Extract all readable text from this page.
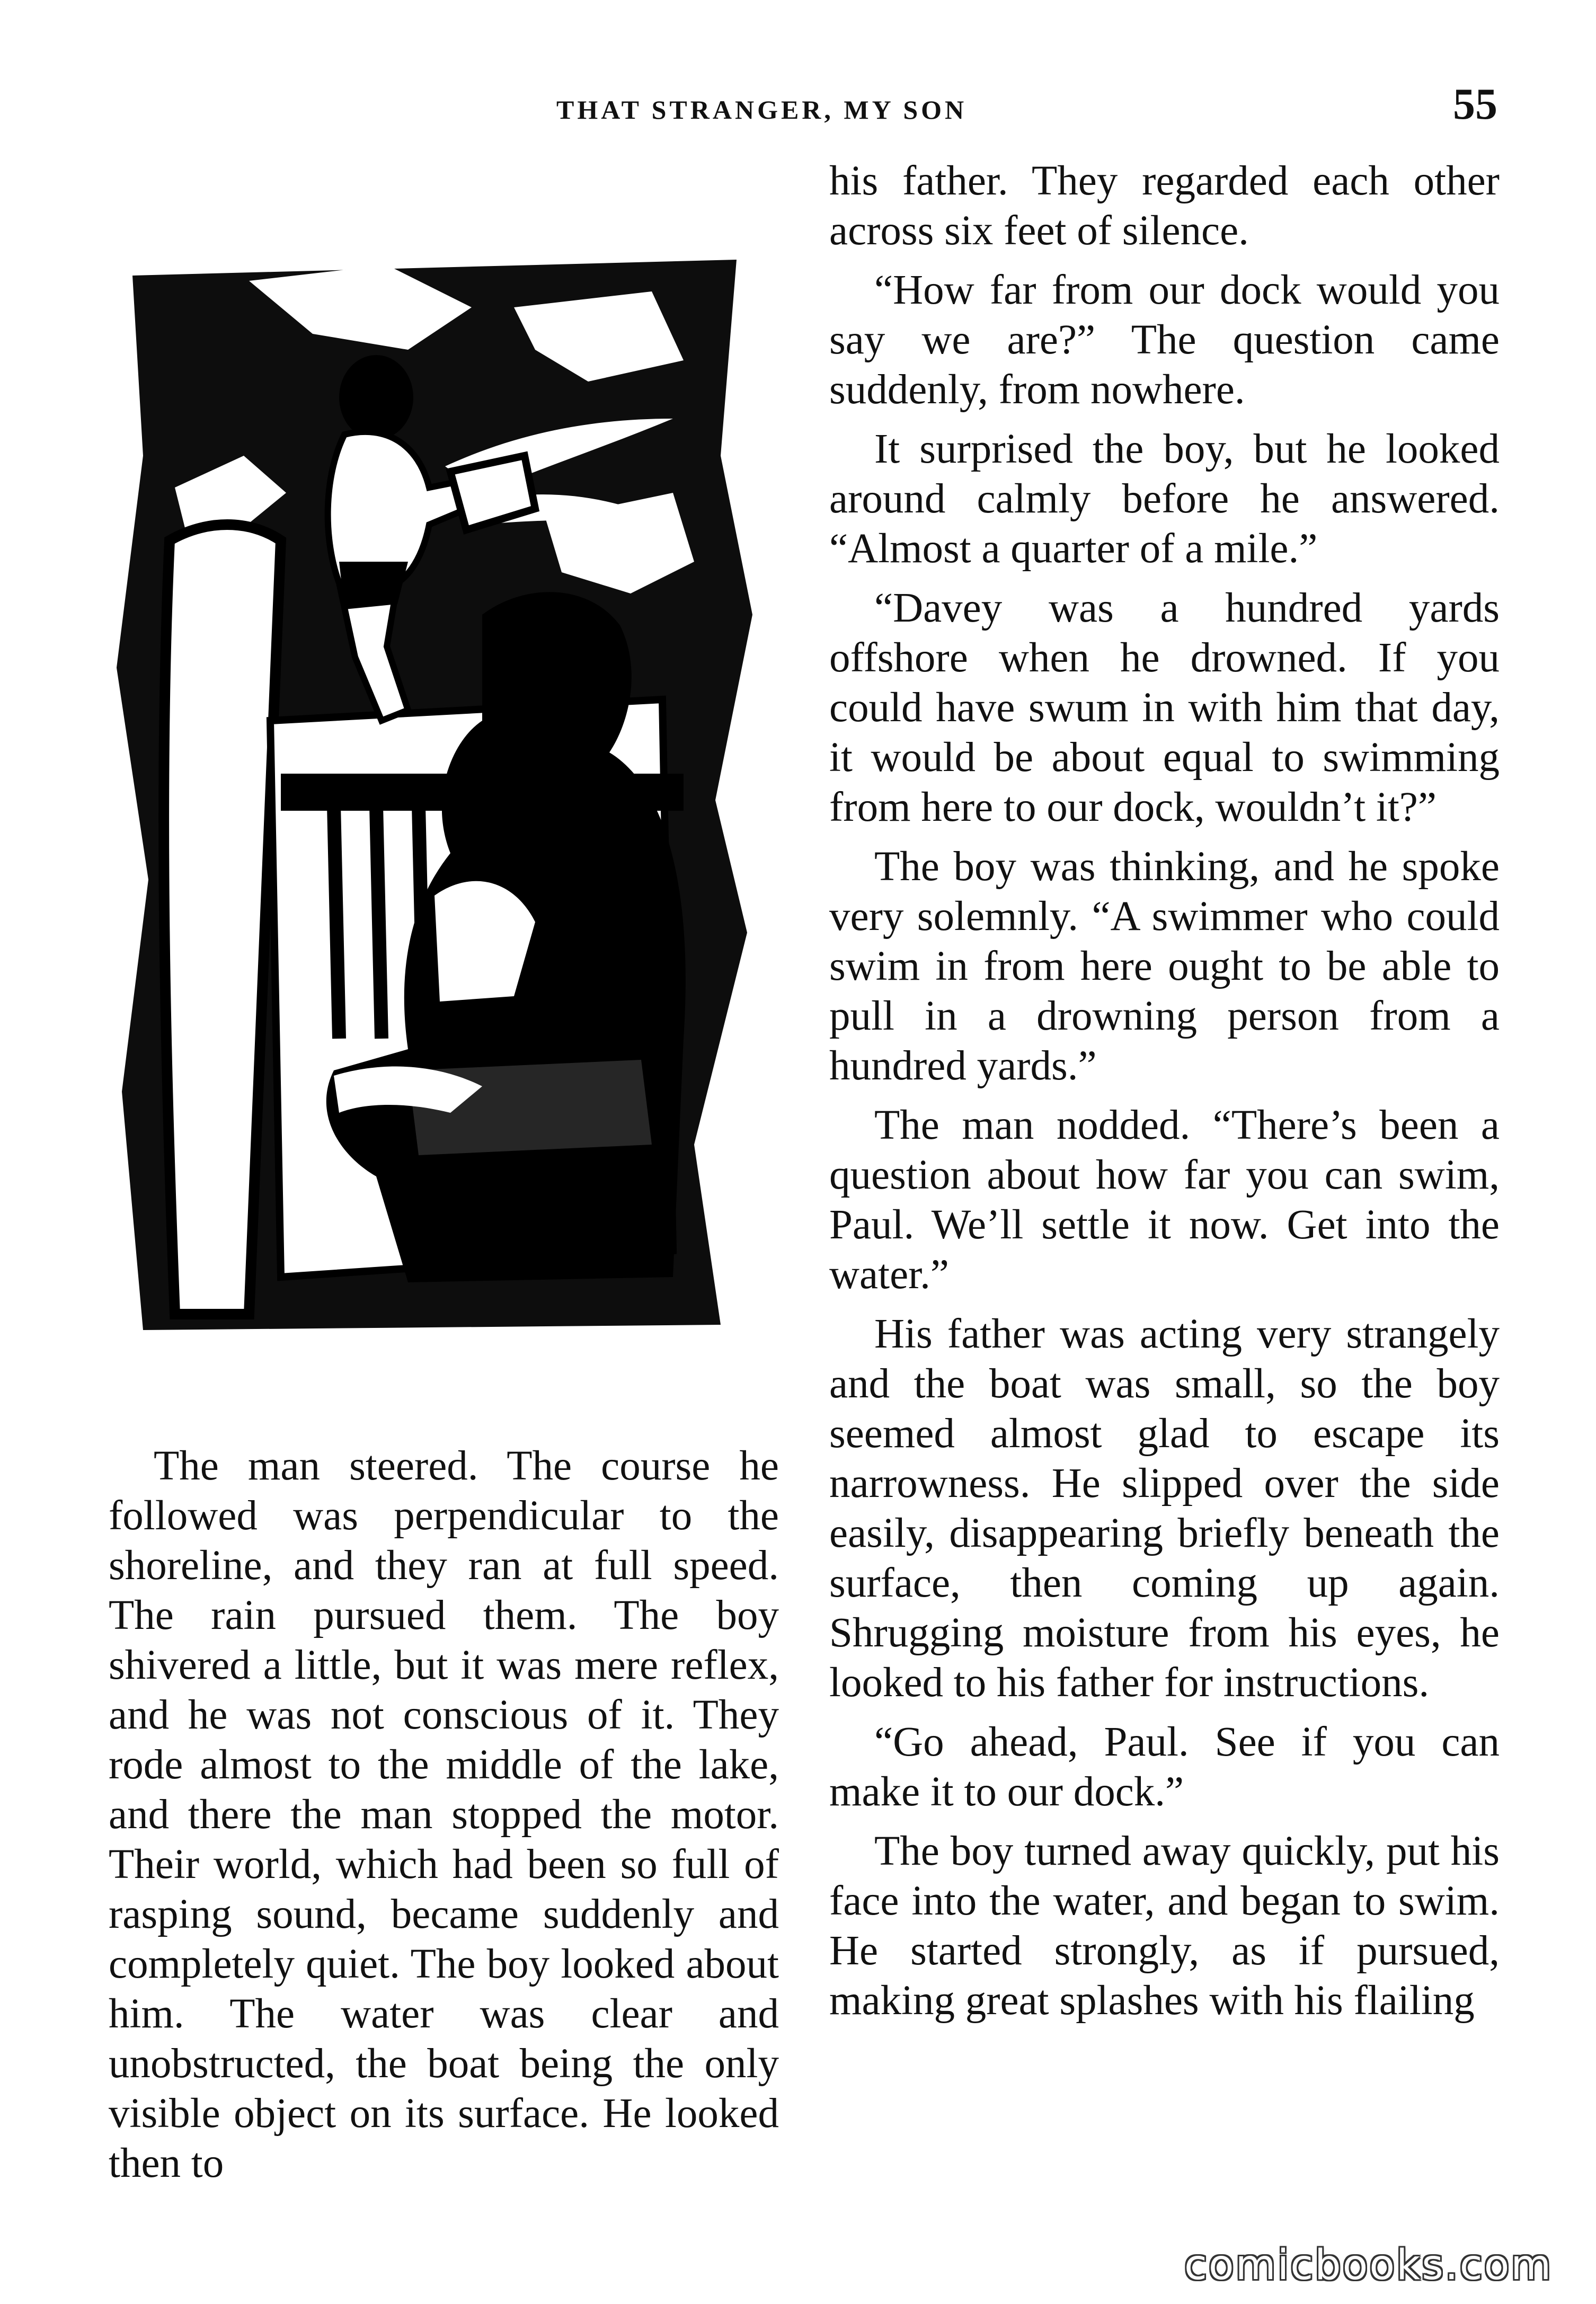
THAT STRANGER, MY SON	55

The man steered. The course he followed was perpendicular to the shoreline, and they ran at full speed. The rain pursued them. The boy shivered a little, but it was mere reflex, and he was not conscious of it. They rode almost to the middle of the lake, and there the man stopped the motor. Their world, which had been so full of rasping sound, became suddenly and completely quiet. The boy looked about him. The water was clear and unobstructed, the boat being the only visible object on its surface. He looked then to

his father. They regarded each other across six feet of silence.

“How far from our dock would you say we are?” The question came suddenly, from nowhere.

It surprised the boy, but he looked around calmly before he answered. “Almost a quarter of a mile.”

“Davey was a hundred yards offshore when he drowned. If you could have swum in with him that day, it would be about equal to swimming from here to our dock, wouldn’t it?”

The boy was thinking, and he spoke very solemnly. “A swimmer who could swim in from here ought to be able to pull in a drowning person from a hundred yards.”

The man nodded. “There’s been a question about how far you can swim, Paul. We’ll settle it now. Get into the water.”

His father was acting very strangely and the boat was small, so the boy seemed almost glad to escape its narrowness. He slipped over the side easily, disappearing briefly beneath the surface, then coming up again. Shrugging moisture from his eyes, he looked to his father for instructions.

“Go ahead, Paul. See if you can make it to our dock.”

The boy turned away quickly, put his face into the water, and began to swim. He started strongly, as if pursued, making great splashes with his flailing

comicbooks.com
